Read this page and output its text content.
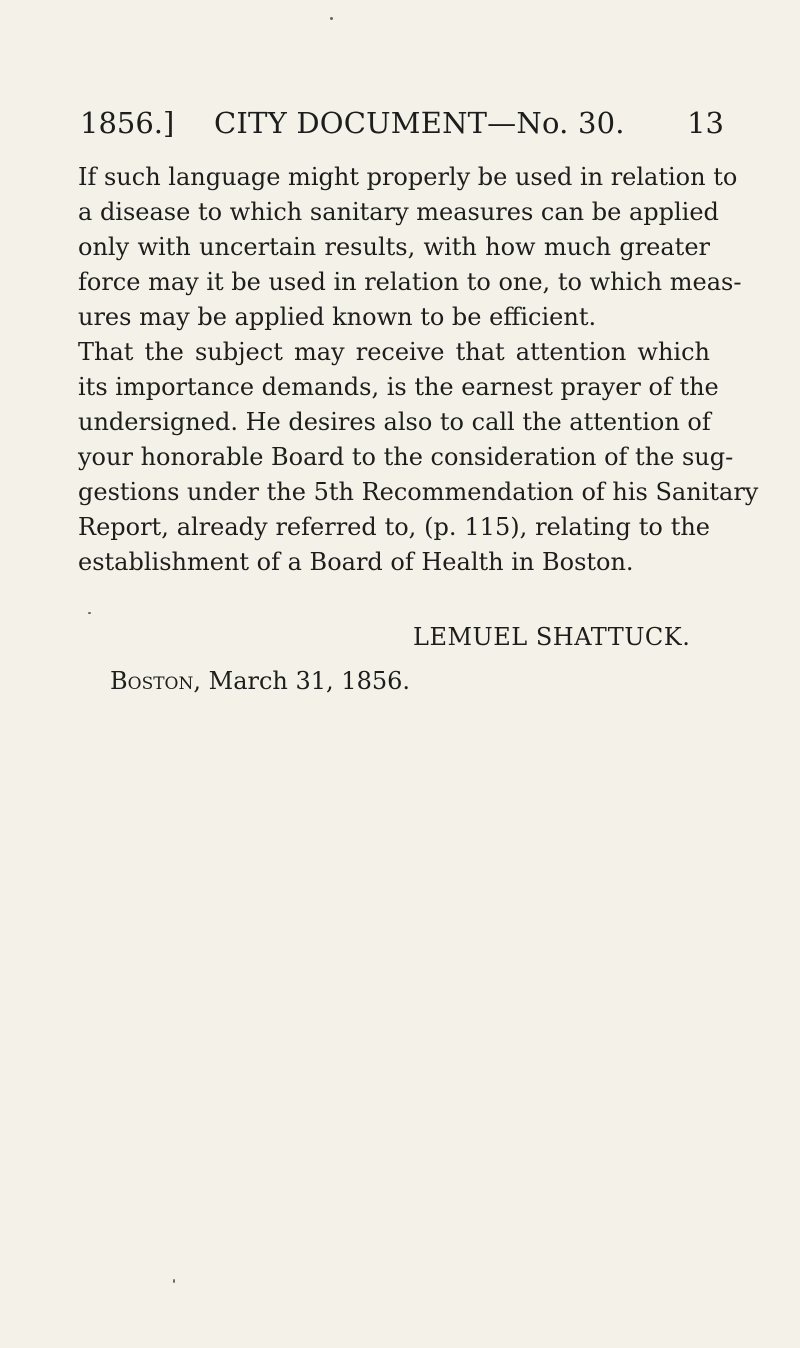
1856.] CITY DOCUMENT—No. 30. 13
If such language might properly be used in relation to
a disease to which sanitary measures can be applied
only with uncertain results, with how much greater
force may it be used in relation to one, to which meas-
ures may be applied known to be efficient.
That the subject may receive that attention which
its importance demands, is the earnest prayer of the
undersigned. He desires also to call the attention of
your honorable Board to the consideration of the sug-
gestions under the 5th Recommendation of his Sanitary
Report, already referred to, (p. 115), relating to the
establishment of a Board of Health in Boston.
LEMUEL SHATTUCK.
Boston, March 31, 1856.
